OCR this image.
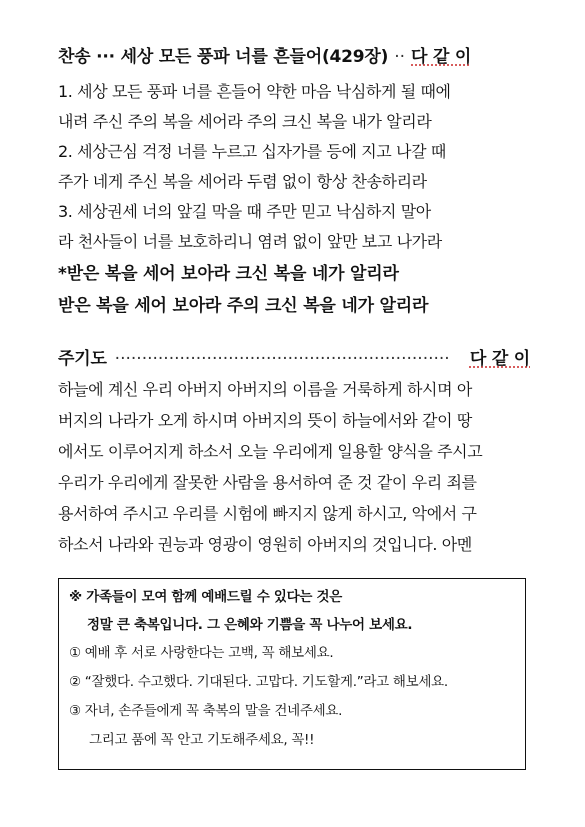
찬송 ··· 세상 모든 풍파 너를 흔들어(429장) ·· 다 같 이
1. 세상 모든 풍파 너를 흔들어 약한 마음 낙심하게 될 때에
내려 주신 주의 복을 세어라 주의 크신 복을 내가 알리라
2. 세상근심 걱정 너를 누르고 십자가를 등에 지고 나갈 때
주가 네게 주신 복을 세어라 두렴 없이 항상 찬송하리라
3. 세상권세 너의 앞길 막을 때 주만 믿고 낙심하지 말아
라 천사들이 너를 보호하리니 염려 없이 앞만 보고 나가라
*받은 복을 세어 보아라 크신 복을 네가 알리라
받은 복을 세어 보아라 주의 크신 복을 네가 알리라
주기도 ······························································	다 같 이
하늘에 계신 우리 아버지 아버지의 이름을 거룩하게 하시며 아
버지의 나라가 오게 하시며 아버지의 뜻이 하늘에서와 같이 땅
에서도 이루어지게 하소서 오늘 우리에게 일용할 양식을 주시고
우리가 우리에게 잘못한 사람을 용서하여 준 것 같이 우리 죄를
용서하여 주시고 우리를 시험에 빠지지 않게 하시고, 악에서 구
하소서 나라와 권능과 영광이 영원히 아버지의 것입니다. 아멘
※ 가족들이 모여 함께 예배드릴 수 있다는 것은
정말 큰 축복입니다. 그 은혜와 기쁨을 꼭 나누어 보세요.
① 예배 후 서로 사랑한다는 고백, 꼭 해보세요.
② “잘했다. 수고했다. 기대된다. 고맙다. 기도할게.”라고 해보세요.
③ 자녀, 손주들에게 꼭 축복의 말을 건네주세요.
그리고 품에 꼭 안고 기도해주세요, 꼭!!
